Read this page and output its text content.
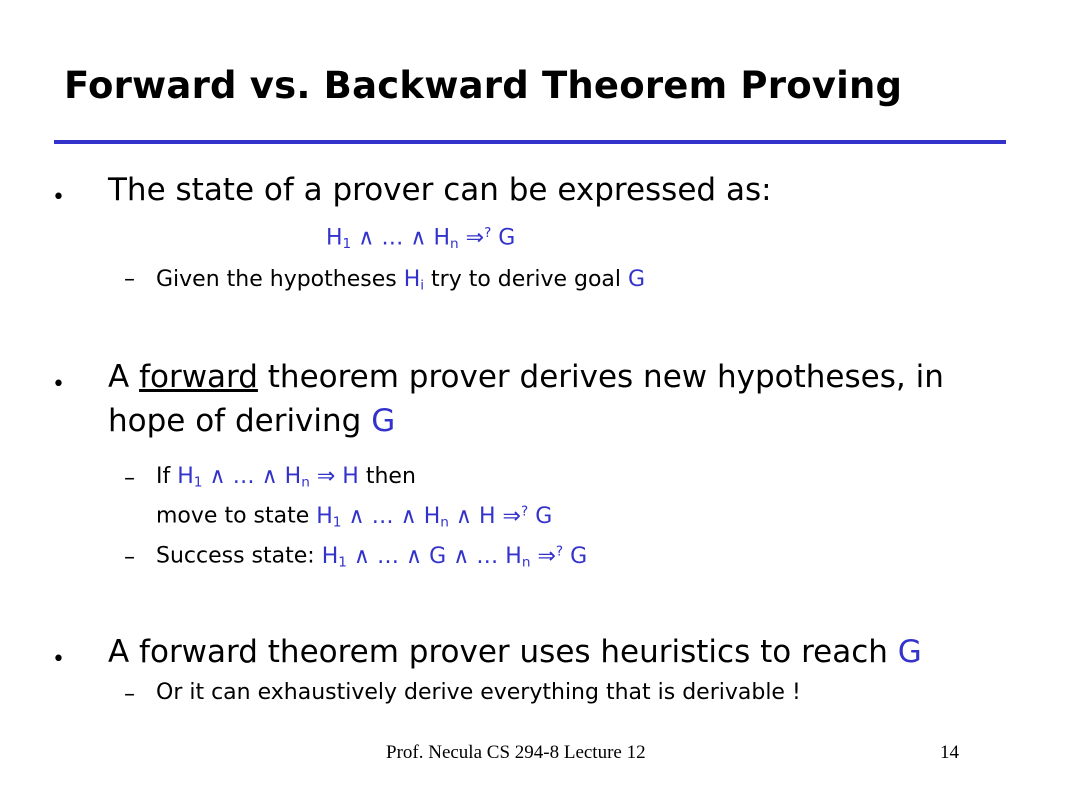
Forward vs. Backward Theorem Proving
• The state of a prover can be expressed as:
$H_1$ ∧ … ∧ $H_n$ ⇒? G
– Given the hypotheses $H_i$ try to derive goal G
• A forward theorem prover derives new hypotheses, in
hope of deriving G
– If $H_1$ ∧ … ∧ $H_n$ ⇒ H then
move to state $H_1$ ∧ … ∧ $H_n$ ∧ H ⇒? G
– Success state: $H_1$ ∧ … ∧ G ∧ … $H_n$ ⇒? G
• A forward theorem prover uses heuristics to reach G
– Or it can exhaustively derive everything that is derivable !
Prof. Necula CS 294-8 Lecture 12	14
